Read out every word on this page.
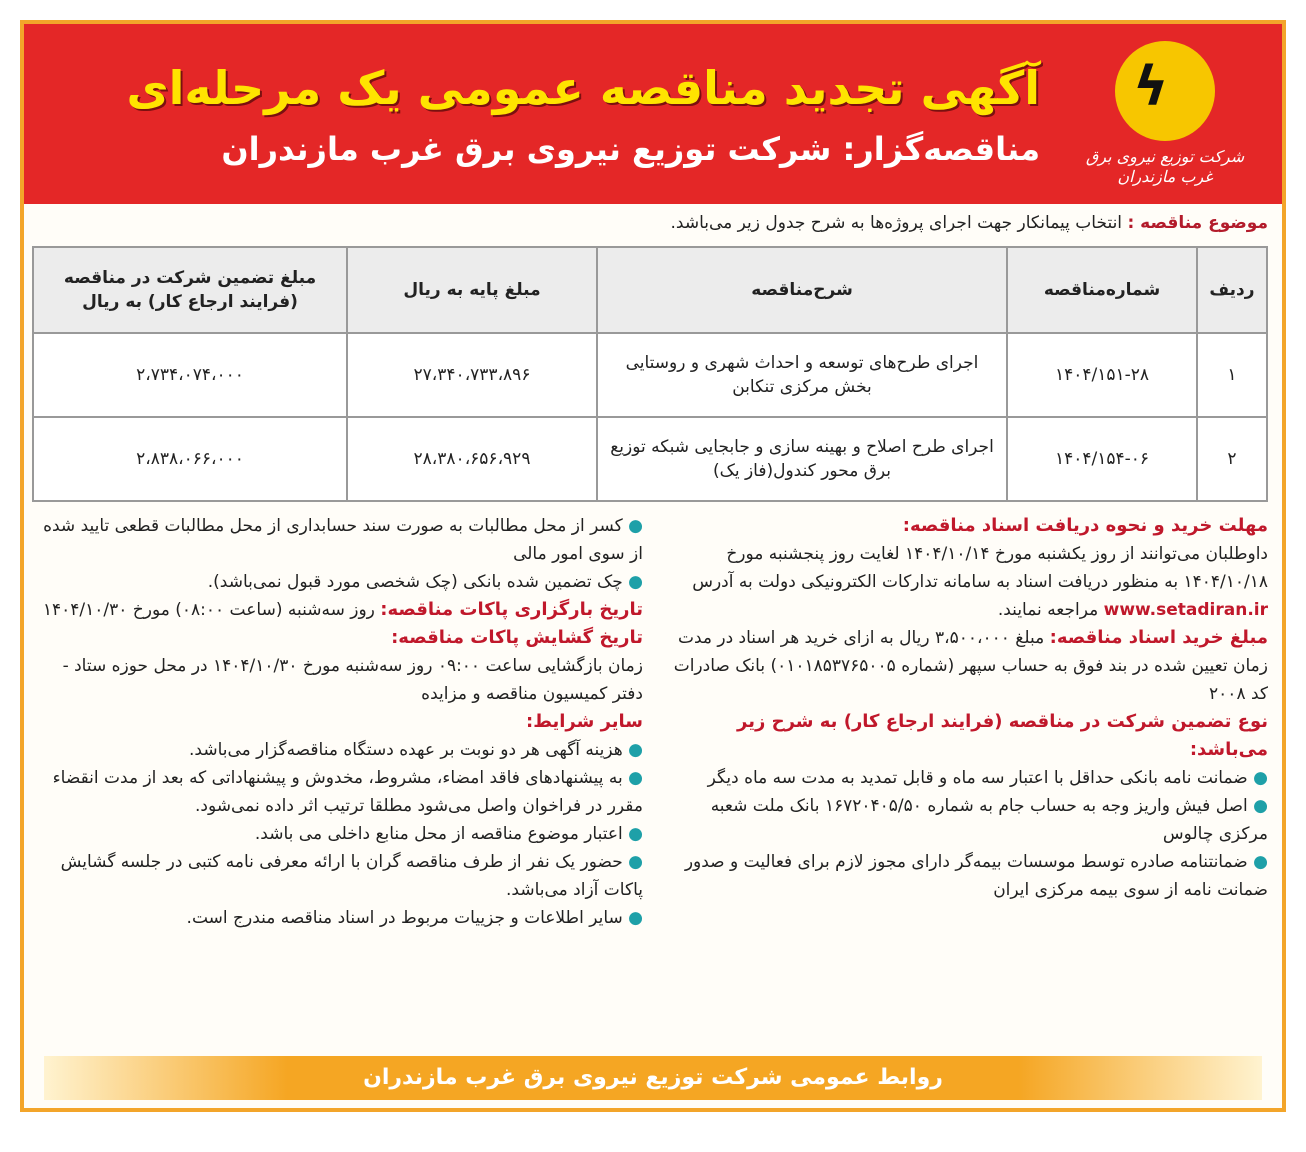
ϟ
شرکت توزیع نیروی برق غرب مازندران
آگهی تجدید مناقصه عمومی یک مرحله‌ای
مناقصه‌گزار: شرکت توزیع نیروی برق غرب مازندران
موضوع مناقصه : انتخاب پیمانکار جهت اجرای پروژه‌ها به شرح جدول زیر می‌باشد.
ردیف	شماره‌مناقصه	شرح‌مناقصه	مبلغ پایه به ریال	مبلغ تضمین شرکت در مناقصه (فرایند ارجاع کار) به ریال
۱	۱۴۰۴/۱۵۱-۲۸	اجرای طرح‌های توسعه و احداث شهری و روستایی بخش مرکزی تنکابن	۲۷،۳۴۰،۷۳۳،۸۹۶	۲،۷۳۴،۰۷۴،۰۰۰
۲	۱۴۰۴/۱۵۴-۰۶	اجرای طرح اصلاح و بهینه سازی و جابجایی شبکه توزیع برق محور کندول(فاز یک)	۲۸،۳۸۰،۶۵۶،۹۲۹	۲،۸۳۸،۰۶۶،۰۰۰
مهلت خرید و نحوه دریافت اسناد مناقصه:
داوطلبان می‌توانند از روز یکشنبه مورخ ۱۴۰۴/۱۰/۱۴ لغایت روز پنجشنبه مورخ ۱۴۰۴/۱۰/۱۸ به منظور دریافت اسناد به سامانه تدارکات الکترونیکی دولت به آدرس www.setadiran.ir مراجعه نمایند.
مبلغ خرید اسناد مناقصه: مبلغ ۳،۵۰۰،۰۰۰ ریال به ازای خرید هر اسناد در مدت زمان تعیین شده در بند فوق به حساب سپهر (شماره ۰۱۰۱۸۵۳۷۶۵۰۰۵) بانک صادرات کد ۲۰۰۸
نوع تضمین شرکت در مناقصه (فرایند ارجاع کار) به شرح زیر می‌باشد:
● ضمانت نامه بانکی حداقل با اعتبار سه ماه و قابل تمدید به مدت سه ماه دیگر
● اصل فیش واریز وجه به حساب جام به شماره ۱۶۷۲۰۴۰۵/۵۰ بانک ملت شعبه مرکزی چالوس
● ضمانتنامه صادره توسط موسسات بیمه‌گر دارای مجوز لازم برای فعالیت و صدور ضمانت نامه از سوی بیمه مرکزی ایران
● کسر از محل مطالبات به صورت سند حسابداری از محل مطالبات قطعی تایید شده از سوی امور مالی
● چک تضمین شده بانکی (چک شخصی مورد قبول نمی‌باشد).
تاریخ بارگزاری پاکات مناقصه: روز سه‌شنبه (ساعت ۰۸:۰۰) مورخ ۱۴۰۴/۱۰/۳۰
تاریخ گشایش پاکات مناقصه:
زمان بازگشایی ساعت ۰۹:۰۰ روز سه‌شنبه مورخ ۱۴۰۴/۱۰/۳۰ در محل حوزه ستاد - دفتر کمیسیون مناقصه و مزایده
سایر شرایط:
● هزینه آگهی هر دو نوبت بر عهده دستگاه مناقصه‌گزار می‌باشد.
● به پیشنهادهای فاقد امضاء، مشروط، مخدوش و پیشنهاداتی که بعد از مدت انقضاء مقرر در فراخوان واصل می‌شود مطلقا ترتیب اثر داده نمی‌شود.
● اعتبار موضوع مناقصه از محل منابع داخلی می باشد.
● حضور یک نفر از طرف مناقصه گران با ارائه معرفی نامه کتبی در جلسه گشایش پاکات آزاد می‌باشد.
● سایر اطلاعات و جزییات مربوط در اسناد مناقصه مندرج است.
روابط عمومی شرکت توزیع نیروی برق غرب مازندران
